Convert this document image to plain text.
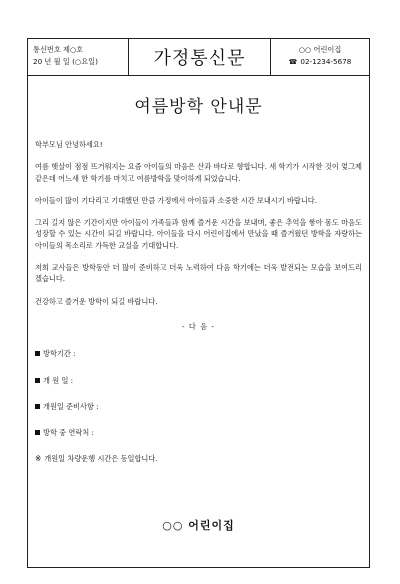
통신번호 제○호
20 년 월 일 (○요일)	가정통신문	○○ 어린이집
☎ 02-1234-5678
여름방학 안내문

학부모님 안녕하세요!

여름 햇살이 점점 뜨거워지는 요즘 아이들의 마음은 산과 바다로 향합니다. 새 학기가 시작한 것이 엊그제 같은데 어느새 한 학기를 마치고 여름방학을 맞이하게 되었습니다.

아이들이 많이 기다리고 기대했던 만큼 가정에서 아이들과 소중한 시간 보내시기 바랍니다.

그리 길지 않은 기간이지만 아이들이 가족들과 함께 즐거운 시간을 보내며, 좋은 추억을 쌓아 몸도 마음도 성장할 수 있는 시간이 되길 바랍니다. 아이들을 다시 어린이집에서 만났을 때 즐거웠던 방학을 자랑하는 아이들의 목소리로 가득한 교실을 기대합니다.

저희 교사들은 방학동안 더 많이 준비하고 더욱 노력하여 다음 학기에는 더욱 발전되는 모습을 보여드리겠습니다.

건강하고 즐거운 방학이 되길 바랍니다.

- 다 음 -

방학기간 :

개 원 일 :

개원일 준비사항 :

방학 중 연락처 :

※ 개원일 차량운행 시간은 동일합니다.

○○ 어린이집
